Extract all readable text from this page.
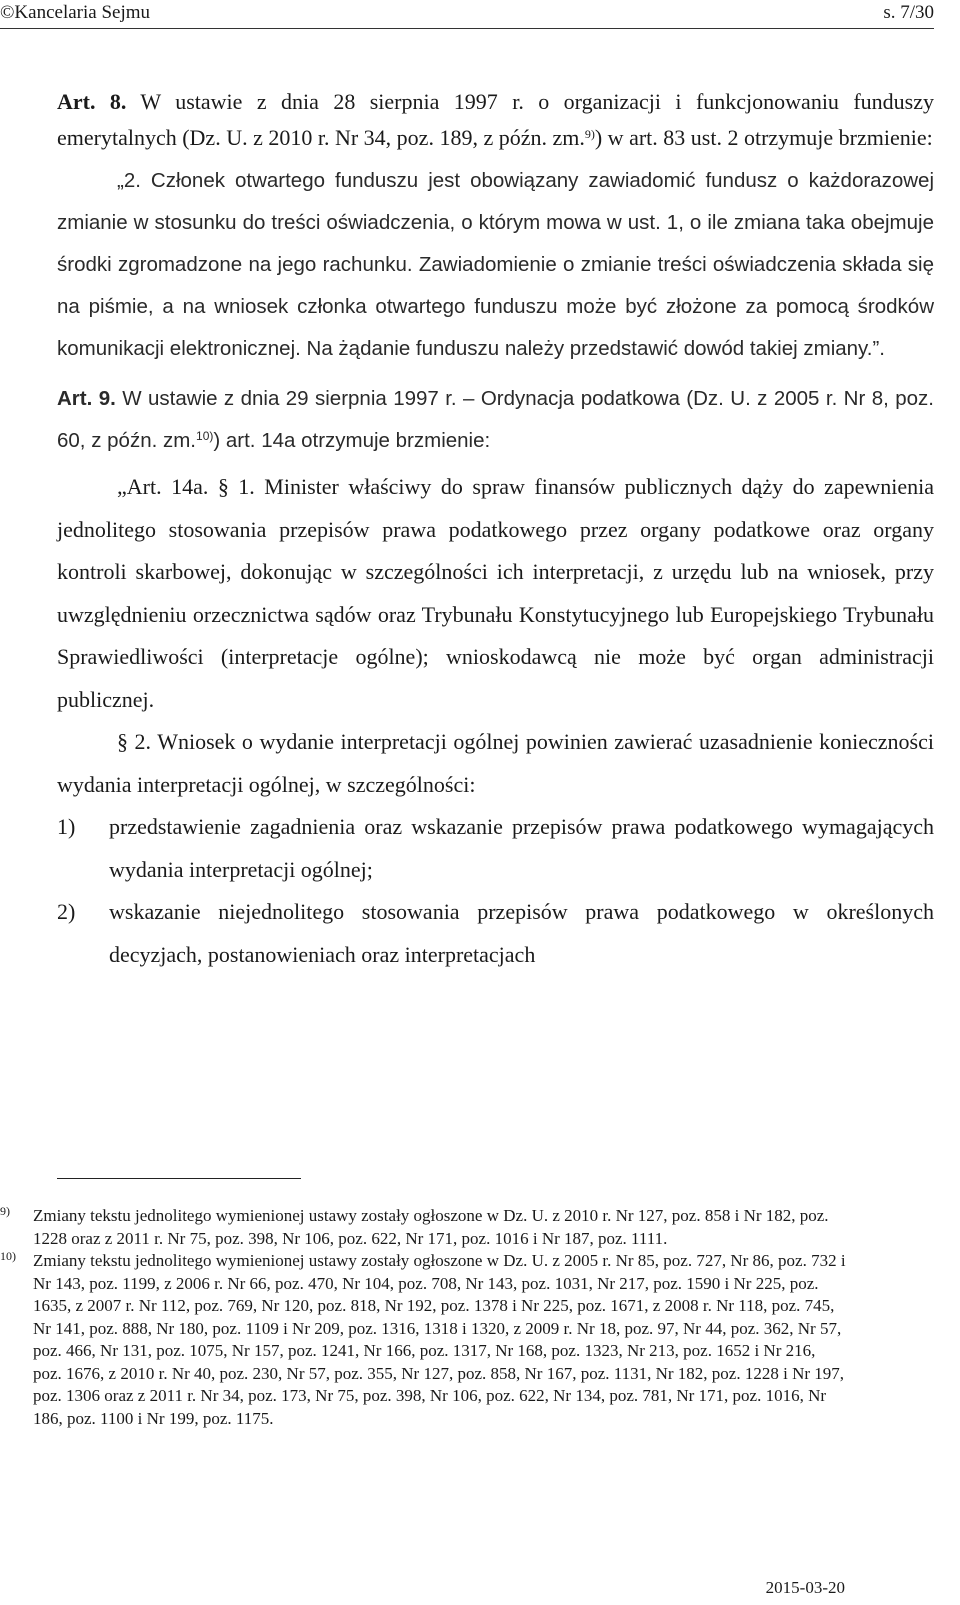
©Kancelaria Sejmu	s. 7/30

Art. 8. W ustawie z dnia 28 sierpnia 1997 r. o organizacji i funkcjonowaniu funduszy emerytalnych (Dz. U. z 2010 r. Nr 34, poz. 189, z późn. zm.$^{9)}$) w art. 83 ust. 2 otrzymuje brzmienie:

„2. Członek otwartego funduszu jest obowiązany zawiadomić fundusz o każdorazowej zmianie w stosunku do treści oświadczenia, o którym mowa w ust. 1, o ile zmiana taka obejmuje środki zgromadzone na jego rachunku. Zawiadomienie o zmianie treści oświadczenia składa się na piśmie, a na wniosek członka otwartego funduszu może być złożone za pomocą środków komunikacji elektronicznej. Na żądanie funduszu należy przedstawić dowód takiej zmiany.”.

Art. 9. W ustawie z dnia 29 sierpnia 1997 r. – Ordynacja podatkowa (Dz. U. z 2005 r. Nr 8, poz. 60, z późn. zm.$^{10)}$) art. 14a otrzymuje brzmienie:

„Art. 14a. § 1. Minister właściwy do spraw finansów publicznych dąży do zapewnienia jednolitego stosowania przepisów prawa podatkowego przez organy podatkowe oraz organy kontroli skarbowej, dokonując w szczególności ich interpretacji, z urzędu lub na wniosek, przy uwzględnieniu orzecznictwa sądów oraz Trybunału Konstytucyjnego lub Europejskiego Trybunału Sprawiedliwości (interpretacje ogólne); wnioskodawcą nie może być organ administracji publicznej.

§ 2. Wniosek o wydanie interpretacji ogólnej powinien zawierać uzasadnienie konieczności wydania interpretacji ogólnej, w szczególności:

1) przedstawienie zagadnienia oraz wskazanie przepisów prawa podatkowego wymagających wydania interpretacji ogólnej;
2) wskazanie niejednolitego stosowania przepisów prawa podatkowego w określonych decyzjach, postanowieniach oraz interpretacjach
9) Zmiany tekstu jednolitego wymienionej ustawy zostały ogłoszone w Dz. U. z 2010 r. Nr 127, poz. 858 i Nr 182, poz. 1228 oraz z 2011 r. Nr 75, poz. 398, Nr 106, poz. 622, Nr 171, poz. 1016 i Nr 187, poz. 1111.
10) Zmiany tekstu jednolitego wymienionej ustawy zostały ogłoszone w Dz. U. z 2005 r. Nr 85, poz. 727, Nr 86, poz. 732 i Nr 143, poz. 1199, z 2006 r. Nr 66, poz. 470, Nr 104, poz. 708, Nr 143, poz. 1031, Nr 217, poz. 1590 i Nr 225, poz. 1635, z 2007 r. Nr 112, poz. 769, Nr 120, poz. 818, Nr 192, poz. 1378 i Nr 225, poz. 1671, z 2008 r. Nr 118, poz. 745, Nr 141, poz. 888, Nr 180, poz. 1109 i Nr 209, poz. 1316, 1318 i 1320, z 2009 r. Nr 18, poz. 97, Nr 44, poz. 362, Nr 57, poz. 466, Nr 131, poz. 1075, Nr 157, poz. 1241, Nr 166, poz. 1317, Nr 168, poz. 1323, Nr 213, poz. 1652 i Nr 216, poz. 1676, z 2010 r. Nr 40, poz. 230, Nr 57, poz. 355, Nr 127, poz. 858, Nr 167, poz. 1131, Nr 182, poz. 1228 i Nr 197, poz. 1306 oraz z 2011 r. Nr 34, poz. 173, Nr 75, poz. 398, Nr 106, poz. 622, Nr 134, poz. 781, Nr 171, poz. 1016, Nr 186, poz. 1100 i Nr 199, poz. 1175.
2015-03-20
